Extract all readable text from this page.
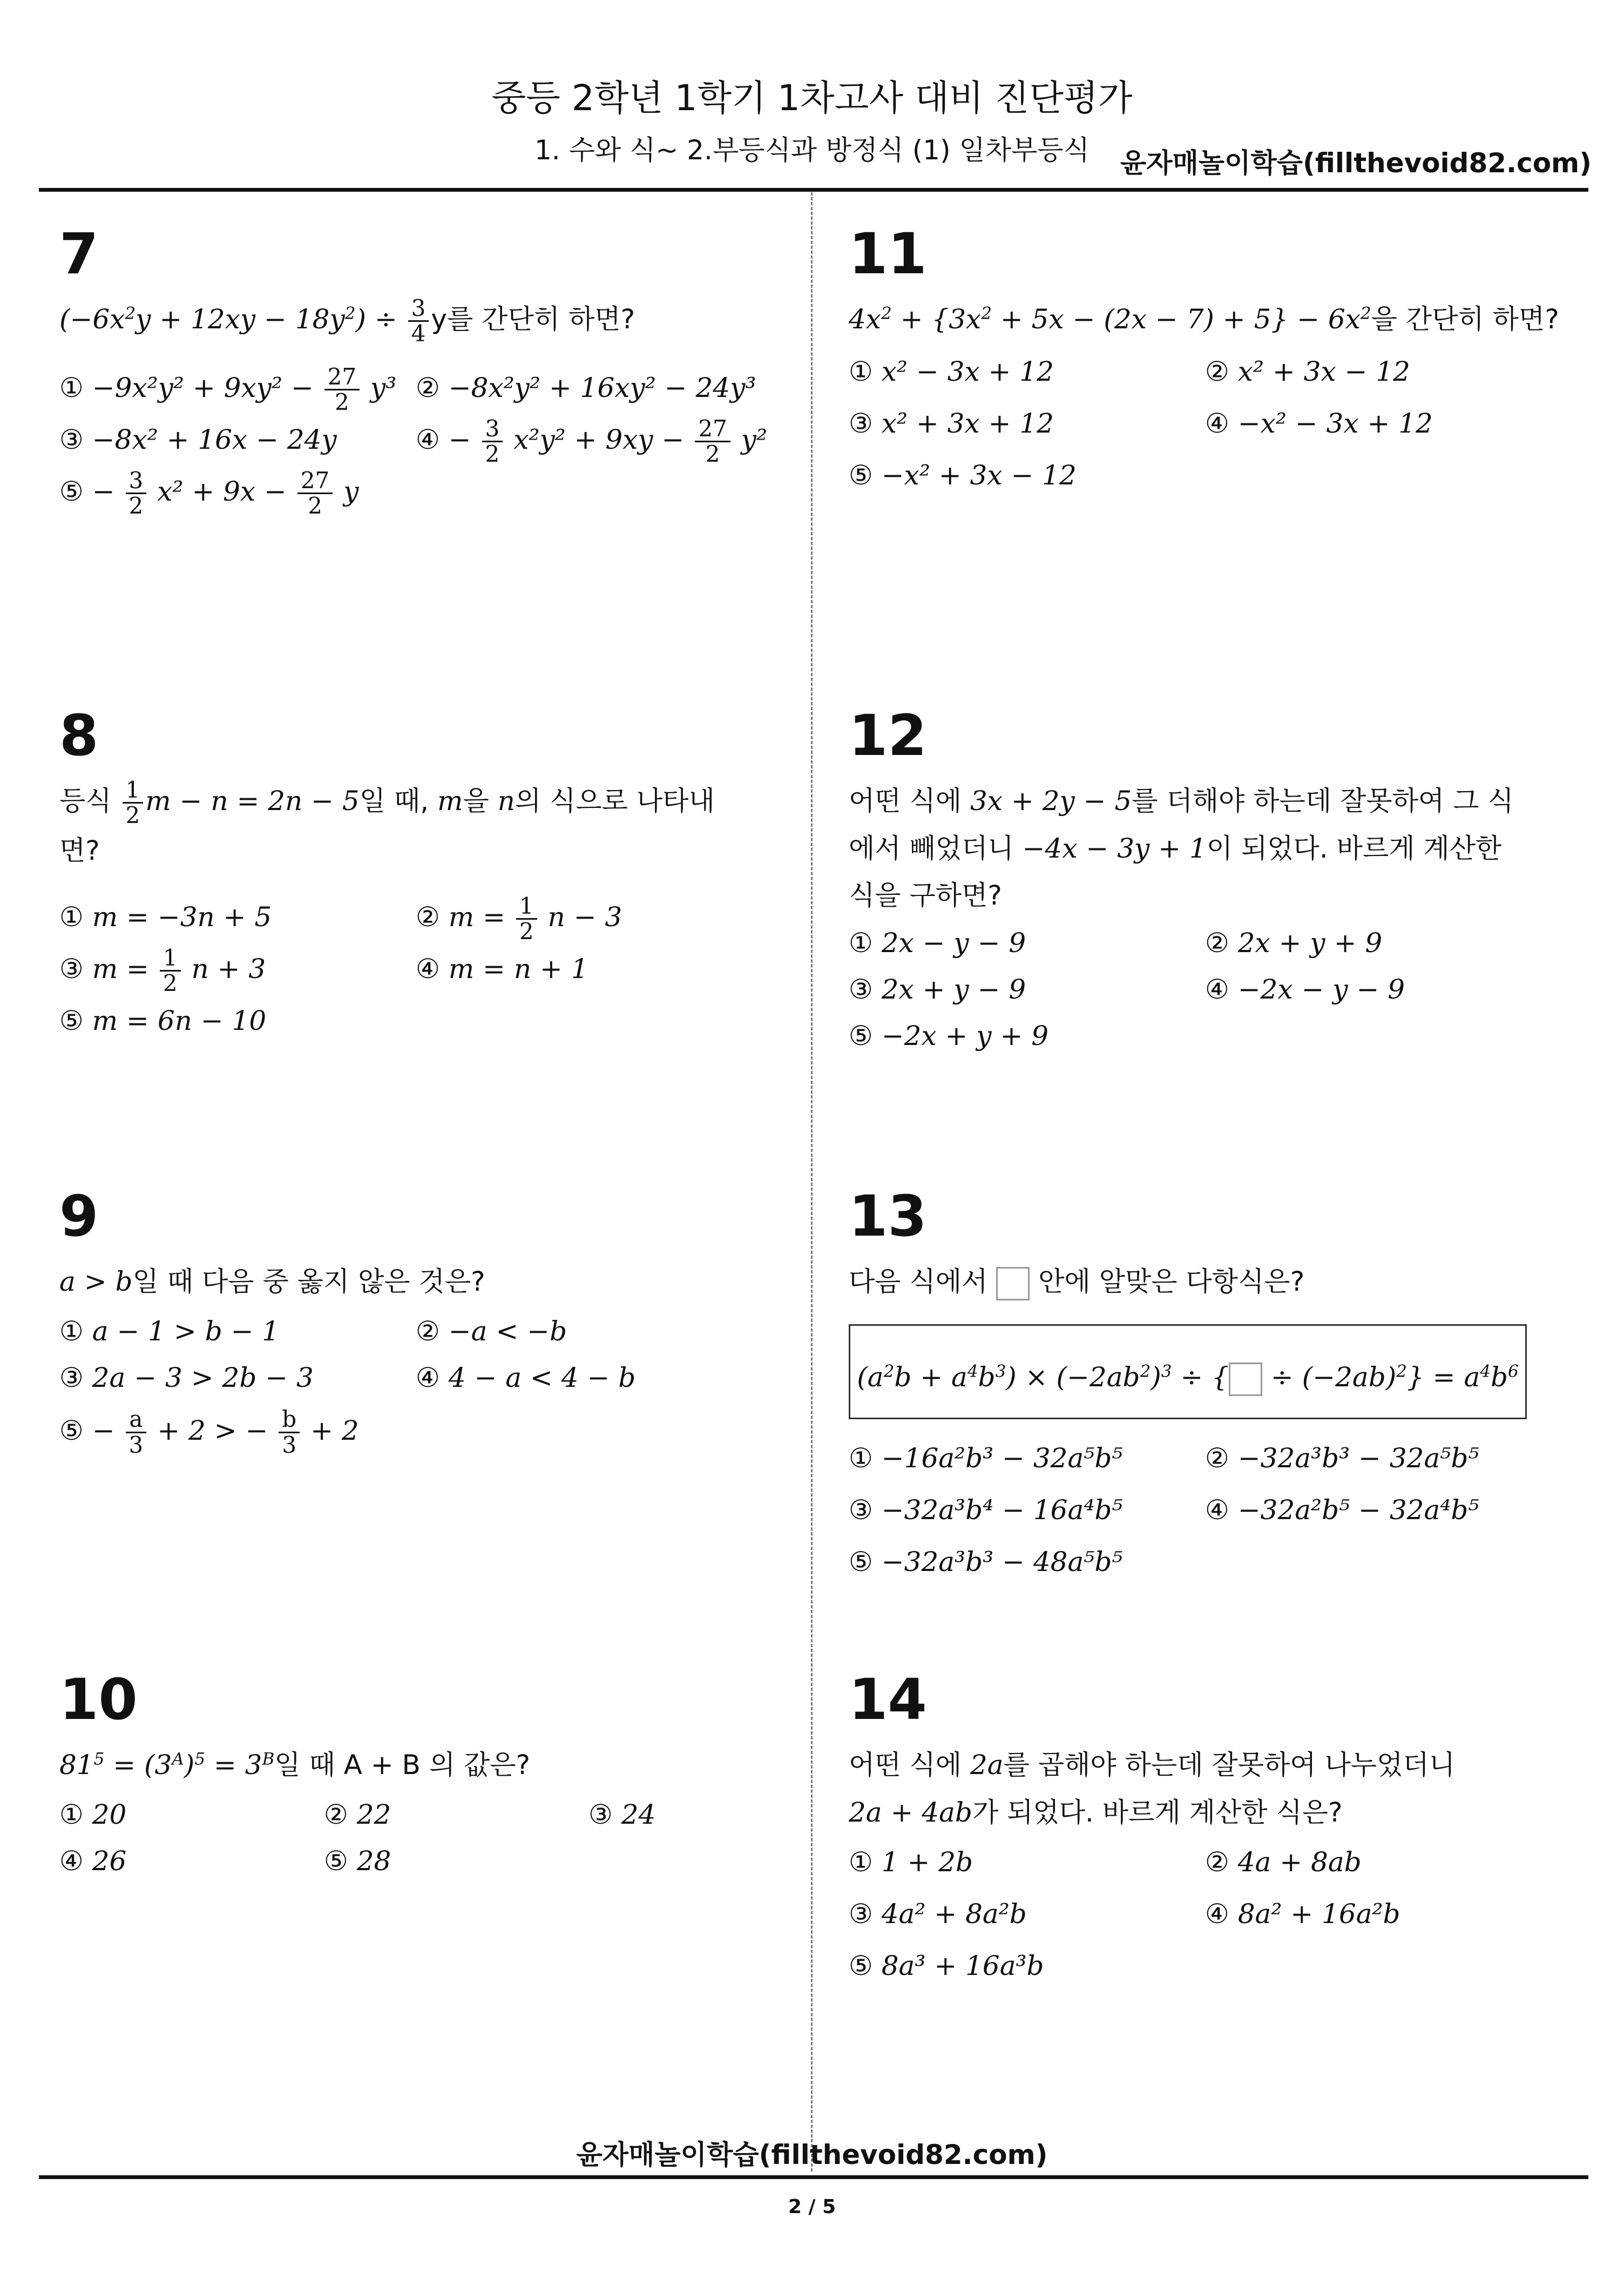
중등 2학년 1학기 1차고사 대비 진단평가
1. 수와 식~ 2.부등식과 방정식 (1) 일차부등식	윤자매놀이학습(fillthevoid82.com)
7
$(-6x^2y + 12xy - 18y^2) \div \frac{3}{4}$ y를 간단히 하면?
① $-9x^2y^2 + 9xy^2 - \frac{27}{2} y^3$ ② −8x²y² + 16xy² − 24y³ ③ −8x² + 16x − 24y	④ − $\frac{3}{2} x^2y^2 + 9xy - \frac{27}{2} y^2$ ⑤ − $\frac{3}{2} x^2 + 9x - \frac{27}{2}$ y
8
등식 $\frac{1}{2}$ m − n = 2n − 5일 때, m을 n의 식으로 나타내
면?
① m = −3n + 5	② $m = \frac{1}{2}$ n − 3 ③ $m = \frac{1}{2}$ n + 3	④ m = n + 1 ⑤ m = 6n − 10
9
a > b일 때 다음 중 옳지 않은 것은?
① a − 1 > b − 1	② −a < −b ③ 2a − 3 > 2b − 3	④ 4 − a < 4 − b ⑤ − $\frac{a}{3} + 2$ > − $\frac{b}{3} + 2$
10
$81^5 = (3^A)^5 = 3^B$일 때 A + B 의 값은?
① 20	② 22	③ 24 ④ 26	⑤ 28
11
$4x^2 + \{3x^2 + 5x - (2x - 7) + 5\} - 6x^2$을 간단히 하면?
① x² − 3x + 12	② x² + 3x − 12 ③ x² + 3x + 12	④ −x² − 3x + 12 ⑤ −x² + 3x − 12
12
어떤 식에 3x + 2y − 5를 더해야 하는데 잘못하여 그 식
에서 빼었더니 −4x − 3y + 1이 되었다. 바르게 계산한
식을 구하면?
① 2x − y − 9	② 2x + y + 9 ③ 2x + y − 9	④ −2x − y − 9 ⑤ −2x + y + 9
13
다음 식에서 안에 알맞은 다항식은?
$(a^2b + a^4b^3) \times (-2ab^2)^3$ ÷ { ÷ $(-2ab)^2\} = a^4b^6$
① −16a²b³ − 32a⁵b⁵	② −32a³b³ − 32a⁵b⁵ ③ −32a³b⁴ − 16a⁴b⁵	④ −32a²b⁵ − 32a⁴b⁵ ⑤ −32a³b³ − 48a⁵b⁵
14
어떤 식에 2a를 곱해야 하는데 잘못하여 나누었더니
2a + 4ab가 되었다. 바르게 계산한 식은?
① 1 + 2b	② 4a + 8ab ③ 4a² + 8a²b	④ 8a² + 16a²b ⑤ 8a³ + 16a³b
윤자매놀이학습(fillthevoid82.com)
2 / 5
